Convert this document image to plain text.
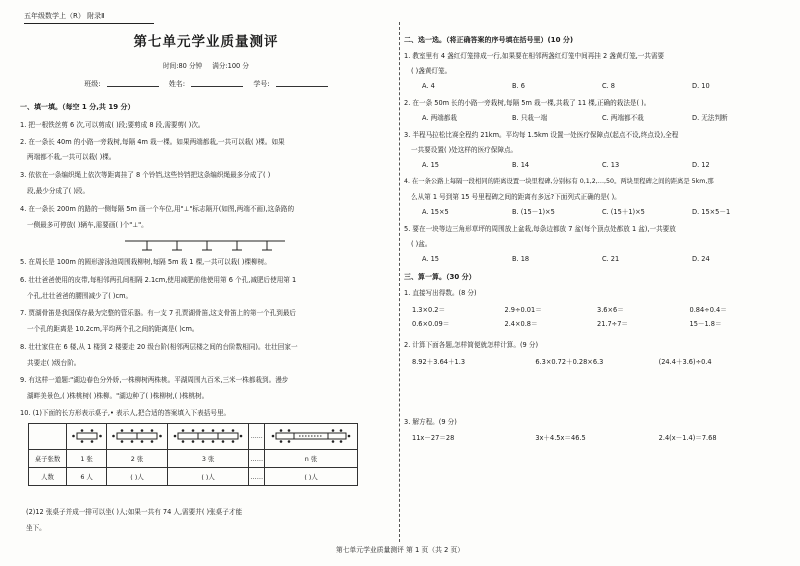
五年级数学上（R） 附录Ⅱ
第七单元学业质量测评
时间:80 分钟 满分:100 分
班级:	姓名:	学号:
一、填一填。（每空 1 分,共 19 分）
1. 把一根铁丝剪 6 次,可以剪成( )段;要剪成 8 段,需要剪( )次。
2. 在一条长 40m 的小路一旁栽树,每隔 4m 栽一棵。如果两端都栽,一共可以栽( )棵。如果
两端都不栽,一共可以栽( )棵。
3. 依依在一条编织绳上依次等距离挂了 8 个铃铛,这些铃铛把这条编织绳最多分成了( )
段,最少分成了( )段。
4. 在一条长 200m 的路的一侧每隔 5m 画一个车位,用"⊥"标志隔开(如图,两端不画),这条路的
一侧最多可停放( )辆车,需要画( )个"⊥"。
5. 在周长是 100m 的圆形游泳池周围栽柳树,每隔 5m 栽 1 棵,一共可以栽( )棵柳树。
6. 壮壮爸爸使用的皮带,每相邻两孔间相隔 2.1cm,使用减肥前他使用第 6 个孔,减肥后使用第 1
个孔,壮壮爸爸的腰围减少了( )cm。
7. 贾湖骨笛是我国保存最为完整的管乐器。有一支 7 孔贾湖骨笛,这支骨笛上的第一个孔到最后
一个孔的距离是 10.2cm,平均两个孔之间的距离是( )cm。
8. 壮壮家住在 6 楼,从 1 楼到 2 楼要走 20 级台阶(相邻两层楼之间的台阶数相同)。壮壮回家一
共要走( )级台阶。
9. 有这样一道题:"湖边春色分外娇,一株柳树两株桃。平湖周围九百米,三米一株都栽到。漫步
湖畔美景色,( )株桃树( )株柳。"湖边种了( )株柳树,( )株桃树。
10. (1)下面的长方形表示桌子,• 表示人,把合适的答案填入下表括号里。
				……	
桌子张数	1 张	2 张	3 张	……	n 张
人数	6 人	( )人	( )人	……	( )人
(2)12 张桌子并成一排可以坐( )人;如果一共有 74 人,需要并( )张桌子才能
坐下。
二、选一选。（将正确答案的序号填在括号里）(10 分)
1. 教室里有 4 盏红灯笼排成一行,如果要在相邻两盏红灯笼中间再挂 2 盏黄灯笼,一共需要
( )盏黄灯笼。
A. 4	B. 6	C. 8	D. 10
2. 在一条 50m 长的小路一旁栽树,每隔 5m 栽一棵,共栽了 11 棵,正确的栽法是( )。
A. 两端都栽	B. 只栽一端	C. 两端都不栽	D. 无法判断
3. 半程马拉松比赛全程约 21km。平均每 1.5km 设置一处医疗保障点(起点不设,终点设),全程
一共要设置( )处这样的医疗保障点。
A. 15	B. 14	C. 13	D. 12
4. 在一条公路上每隔一段相同的距离设置一块里程碑,分别标有 0,1,2,…,50。两块里程碑之间的距离是 5km,那
么从第 1 号到第 15 号里程碑之间的距离有多远?下面列式正确的是( )。
A. 15×5	B. (15－1)×5	C. (15＋1)×5	D. 15×5－1
5. 要在一块等边三角形草坪的周围放上盆栽,每条边都放 7 盆(每个顶点处都放 1 盆),一共要放
( )盆。
A. 15	B. 18	C. 21	D. 24
三、算一算。（30 分）
1. 直接写出得数。(8 分)
1.3×0.2＝	2.9÷0.01＝	3.6×6＝	0.84÷0.4＝
0.6×0.09＝	2.4×0.8＝	21.7÷7＝	15－1.8＝
2. 计算下面各题,怎样简便就怎样计算。(9 分)
8.92＋3.64＋1.3	6.3×0.72＋0.28×6.3	(24.4＋3.6)÷0.4
3. 解方程。(9 分)
11x－27＝28	3x＋4.5x＝46.5	2.4(x－1.4)＝7.68
第七单元学业质量测评 第 1 页（共 2 页）
